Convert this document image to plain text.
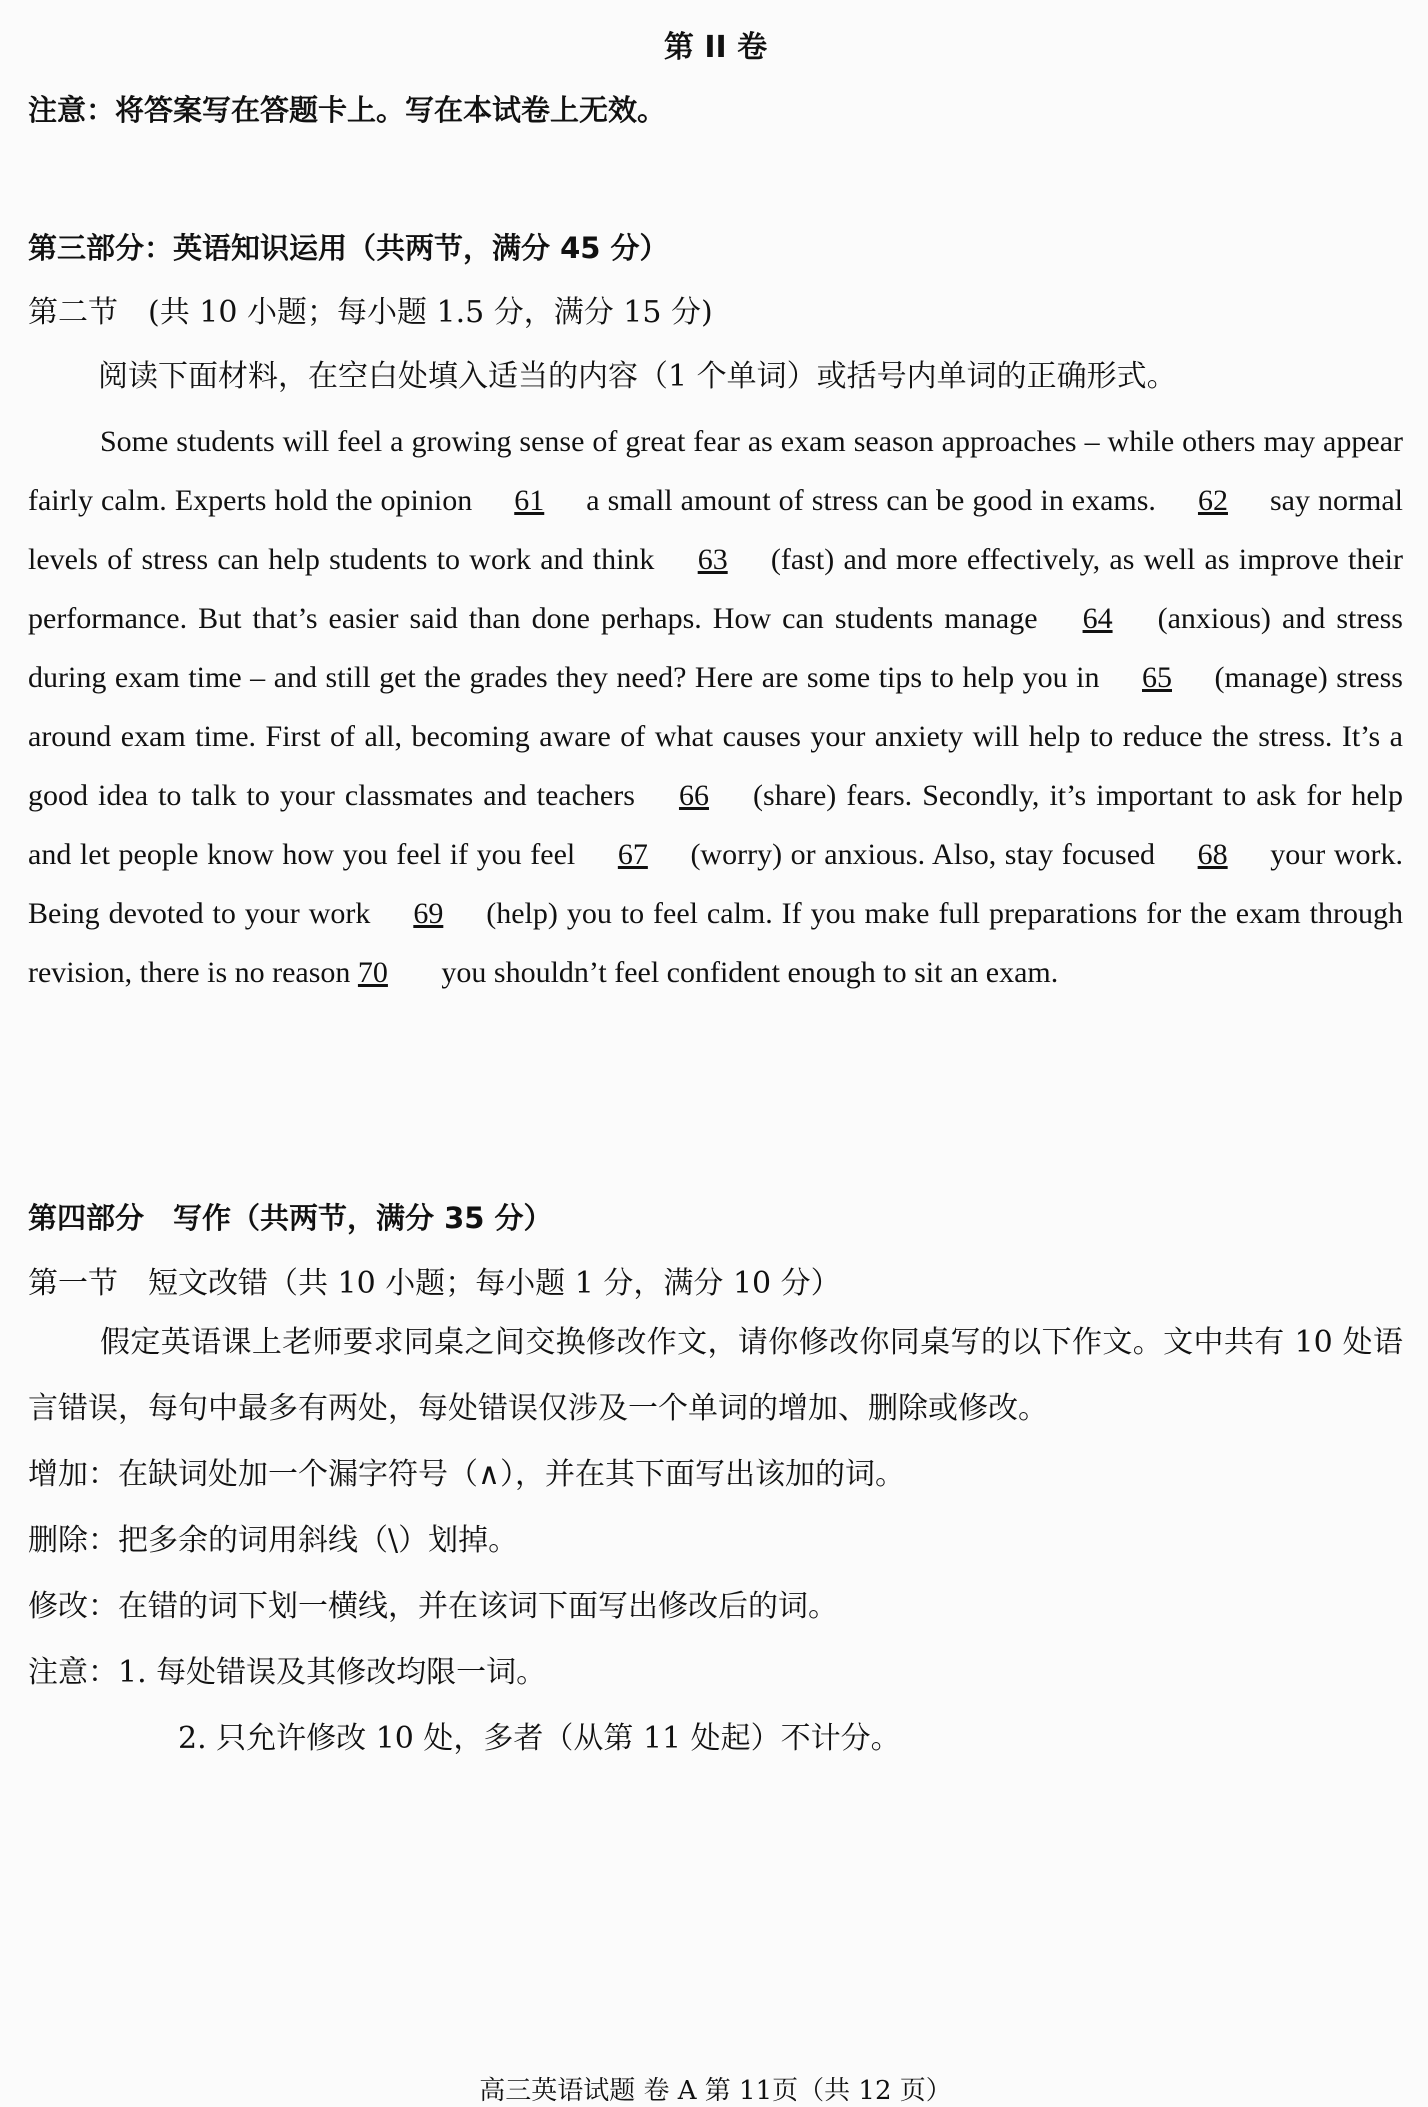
第 II 卷
注意：将答案写在答题卡上。写在本试卷上无效。
第三部分：英语知识运用（共两节，满分 45 分）
第二节　(共 10 小题；每小题 1.5 分，满分 15 分)
阅读下面材料，在空白处填入适当的内容（1 个单词）或括号内单词的正确形式。

Some students will feel a growing sense of great fear as exam season approaches – while others may appear fairly calm. Experts hold the opinion 61 a small amount of stress can be good in exams. 62 say normal levels of stress can help students to work and think 63 (fast) and more effectively, as well as improve their performance. But that’s easier said than done perhaps. How can students manage 64 (anxious) and stress during exam time – and still get the grades they need? Here are some tips to help you in 65 (manage) stress around exam time. First of all, becoming aware of what causes your anxiety will help to reduce the stress. It’s a good idea to talk to your classmates and teachers 66 (share) fears. Secondly, it’s important to ask for help and let people know how you feel if you feel 67 (worry) or anxious. Also, stay focused 68 your work. Being devoted to your work 69 (help) you to feel calm. If you make full preparations for the exam through revision, there is no reason 70 you shouldn’t feel confident enough to sit an exam.

第四部分　写作（共两节，满分 35 分）
第一节　短文改错（共 10 小题；每小题 1 分，满分 10 分）
假定英语课上老师要求同桌之间交换修改作文，请你修改你同桌写的以下作文。文中共有 10 处语言错误，每句中最多有两处，每处错误仅涉及一个单词的增加、删除或修改。
增加：在缺词处加一个漏字符号（∧），并在其下面写出该加的词。
删除：把多余的词用斜线（\）划掉。
修改：在错的词下划一横线，并在该词下面写出修改后的词。
注意：1. 每处错误及其修改均限一词。
2. 只允许修改 10 处，多者（从第 11 处起）不计分。
高三英语试题 卷 A 第 11页（共 12 页）
